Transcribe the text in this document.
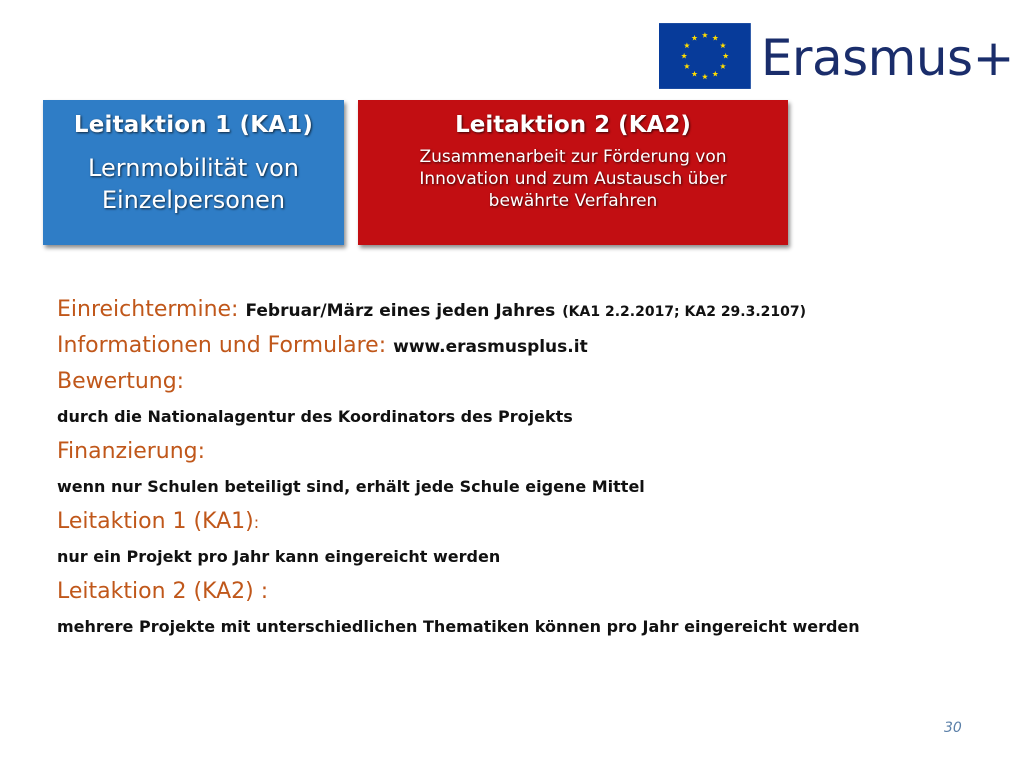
Erasmus+
Leitaktion 1 (KA1)
Lernmobilität von
Einzelpersonen
Leitaktion 2 (KA2)
Zusammenarbeit zur Förderung von
Innovation und zum Austausch über
bewährte Verfahren
Einreichtermine: Februar/März eines jeden Jahres (KA1 2.2.2017; KA2 29.3.2107)
Informationen und Formulare: www.erasmusplus.it
Bewertung:
durch die Nationalagentur des Koordinators des Projekts
Finanzierung:
wenn nur Schulen beteiligt sind, erhält jede Schule eigene Mittel
Leitaktion 1 (KA1):
nur ein Projekt pro Jahr kann eingereicht werden
Leitaktion 2 (KA2) :
mehrere Projekte mit unterschiedlichen Thematiken können pro Jahr eingereicht werden
30
